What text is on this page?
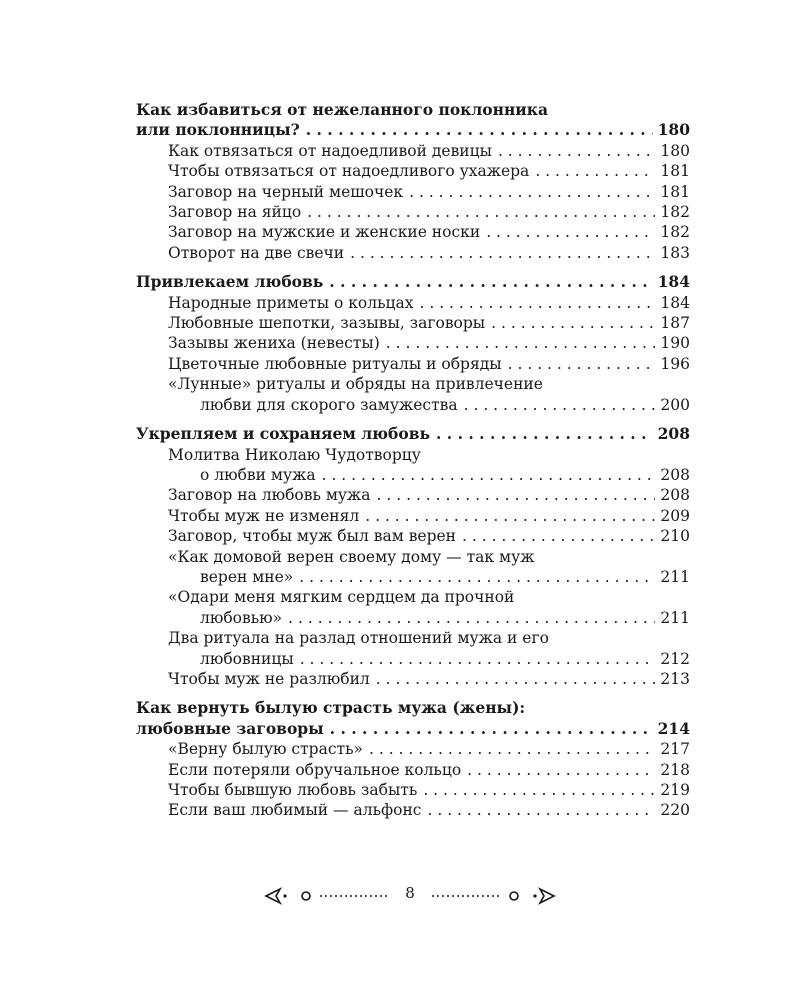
Как избавиться от нежеланного поклонника
или поклонницы? . . .	180
Как отвязаться от надоедливой девицы . . .	180
Чтобы отвязаться от надоедливого ухажера . . .	181
Заговор на черный мешочек . . .	181
Заговор на яйцо . . .	182
Заговор на мужские и женские носки . . .	182
Отворот на две свечи . . .	183
Привлекаем любовь . . .	184
Народные приметы о кольцах . . .	184
Любовные шепотки, зазывы, заговоры . . .	187
Зазывы жениха (невесты) . . .	190
Цветочные любовные ритуалы и обряды . . .	196
«Лунные» ритуалы и обряды на привлечение
любви для скорого замужества . . .	200
Укрепляем и сохраняем любовь . . .	208
Молитва Николаю Чудотворцу
о любви мужа . . .	208
Заговор на любовь мужа . . .	208
Чтобы муж не изменял . . .	209
Заговор, чтобы муж был вам верен . . .	210
«Как домовой верен своему дому — так муж
верен мне» . . .	211
«Одари меня мягким сердцем да прочной
любовью» . . .	211
Два ритуала на разлад отношений мужа и его
любовницы . . .	212
Чтобы муж не разлюбил . . .	213
Как вернуть былую страсть мужа (жены):
любовные заговоры . . .	214
«Верну былую страсть» . . .	217
Если потеряли обручальное кольцо . . .	218
Чтобы бывшую любовь забыть . . .	219
Если ваш любимый — альфонс . . .	220
8
